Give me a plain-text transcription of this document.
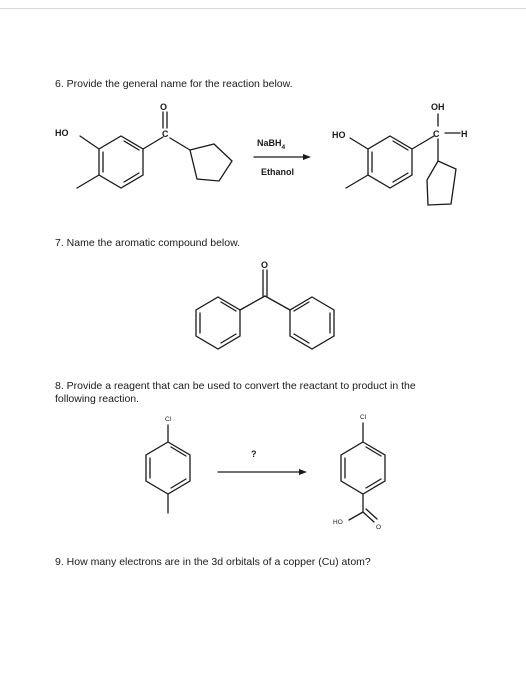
6. Provide the general name for the reaction below.
HO
O
C
NaBH$_4$
Ethanol
HO
OH
C H
7. Name the aromatic compound below.
O
8. Provide a reagent that can be used to convert the reactant to product in the
following reaction.
Cl
?
Cl
HO
O
9. How many electrons are in the 3d orbitals of a copper (Cu) atom?
